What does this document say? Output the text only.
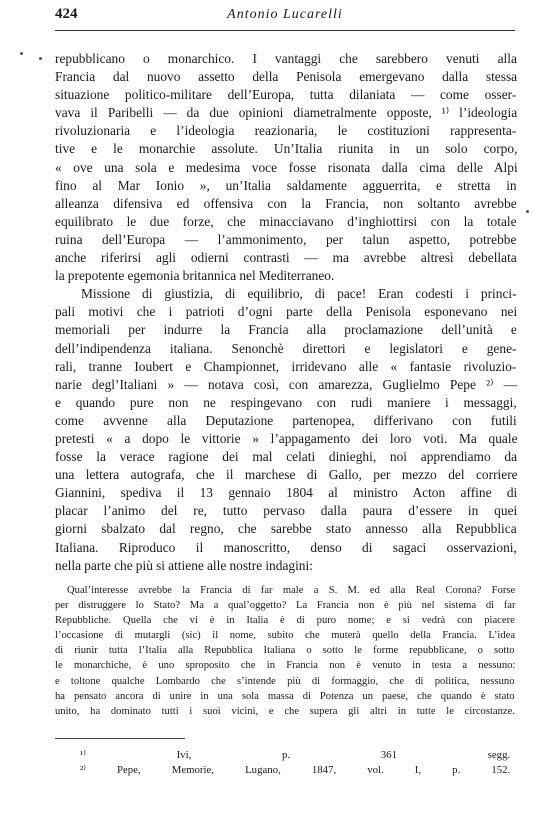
424	Antonio Lucarelli
repubblicano o monarchico. I vantaggi che sarebbero venuti alla
Francia dal nuovo assetto della Penisola emergevano dalla stessa
situazione politico-militare dell’Europa, tutta dilaniata — come osser-
vava il Paribelli — da due opinioni diametralmente opposte, ¹⁾ l’ideologia
rivoluzionaria e l’ideologia reazionaria, le costituzioni rappresenta-
tive e le monarchie assolute. Un’Italia riunita in un solo corpo,
« ove una sola e medesima voce fosse risonata dalla cima delle Alpi
fino al Mar Ionio », un’Italia saldamente agguerrita, e stretta in
alleanza difensiva ed offensiva con la Francia, non soltanto avrebbe
equilibrato le due forze, che minacciavano d’inghiottirsi con la totale
ruina dell’Europa — l’ammonimento, per talun aspetto, potrebbe
anche riferirsi agli odierni contrasti — ma avrebbe altresì debellata
la prepotente egemonia britannica nel Mediterraneo.
Missione di giustizia, di equilibrio, di pace! Eran codesti i princi-
pali motivi che i patrioti d’ogni parte della Penisola esponevano nei
memoriali per indurre la Francia alla proclamazione dell’unità e
dell’indipendenza italiana. Senonchè direttori e legislatori e gene-
rali, tranne Ioubert e Championnet, irridevano alle « fantasie rivoluzio-
narie degl’Italiani » — notava così, con amarezza, Guglielmo Pepe ²⁾ —
e quando pure non ne respingevano con rudi maniere i messaggi,
come avvenne alla Deputazione partenopea, differivano con futili
pretesti « a dopo le vittorie » l’appagamento dei loro voti. Ma quale
fosse la verace ragione dei mal celati dinieghi, noi apprendiamo da
una lettera autografa, che il marchese di Gallo, per mezzo del corriere
Giannini, spediva il 13 gennaio 1804 al ministro Acton affine di
placar l’animo del re, tutto pervaso dalla paura d’essere in quei
giorni sbalzato dal regno, che sarebbe stato annesso alla Repubblica
Italiana. Riproduco il manoscritto, denso di sagaci osservazioni,
nella parte che più si attiene alle nostre indagini:
Qual’interesse avrebbe la Francia di far male a S. M. ed alla Real Corona? Forse
per distruggere lo Stato? Ma a qual’oggetto? La Francia non è più nel sistema di far
Repubbliche. Quella che vi è in Italia è di puro nome; e si vedrà con piacere
l’occasione di mutargli (sic) il nome, subito che muterà quello della Francia. L’idea
di riunir tutta l’Italia alla Repubblica Italiana o sotto le forme repubblicane, o sotto
le monarchiche, è uno sproposito che in Francia non è venuto in testa a nessuno:
e toltone qualche Lombardo che s’intende più di formaggio, che di politica, nessuno
ha pensato ancora di unire in una sola massa di Potenza un paese, che quando è stato
unito, ha dominato tutti i suoi vicini, e che supera gli altri in tutte le circostanze.
¹⁾ Ivi, p. 361 segg.
²⁾ Pepe, Memorie, Lugano, 1847, vol. I, p. 152.
